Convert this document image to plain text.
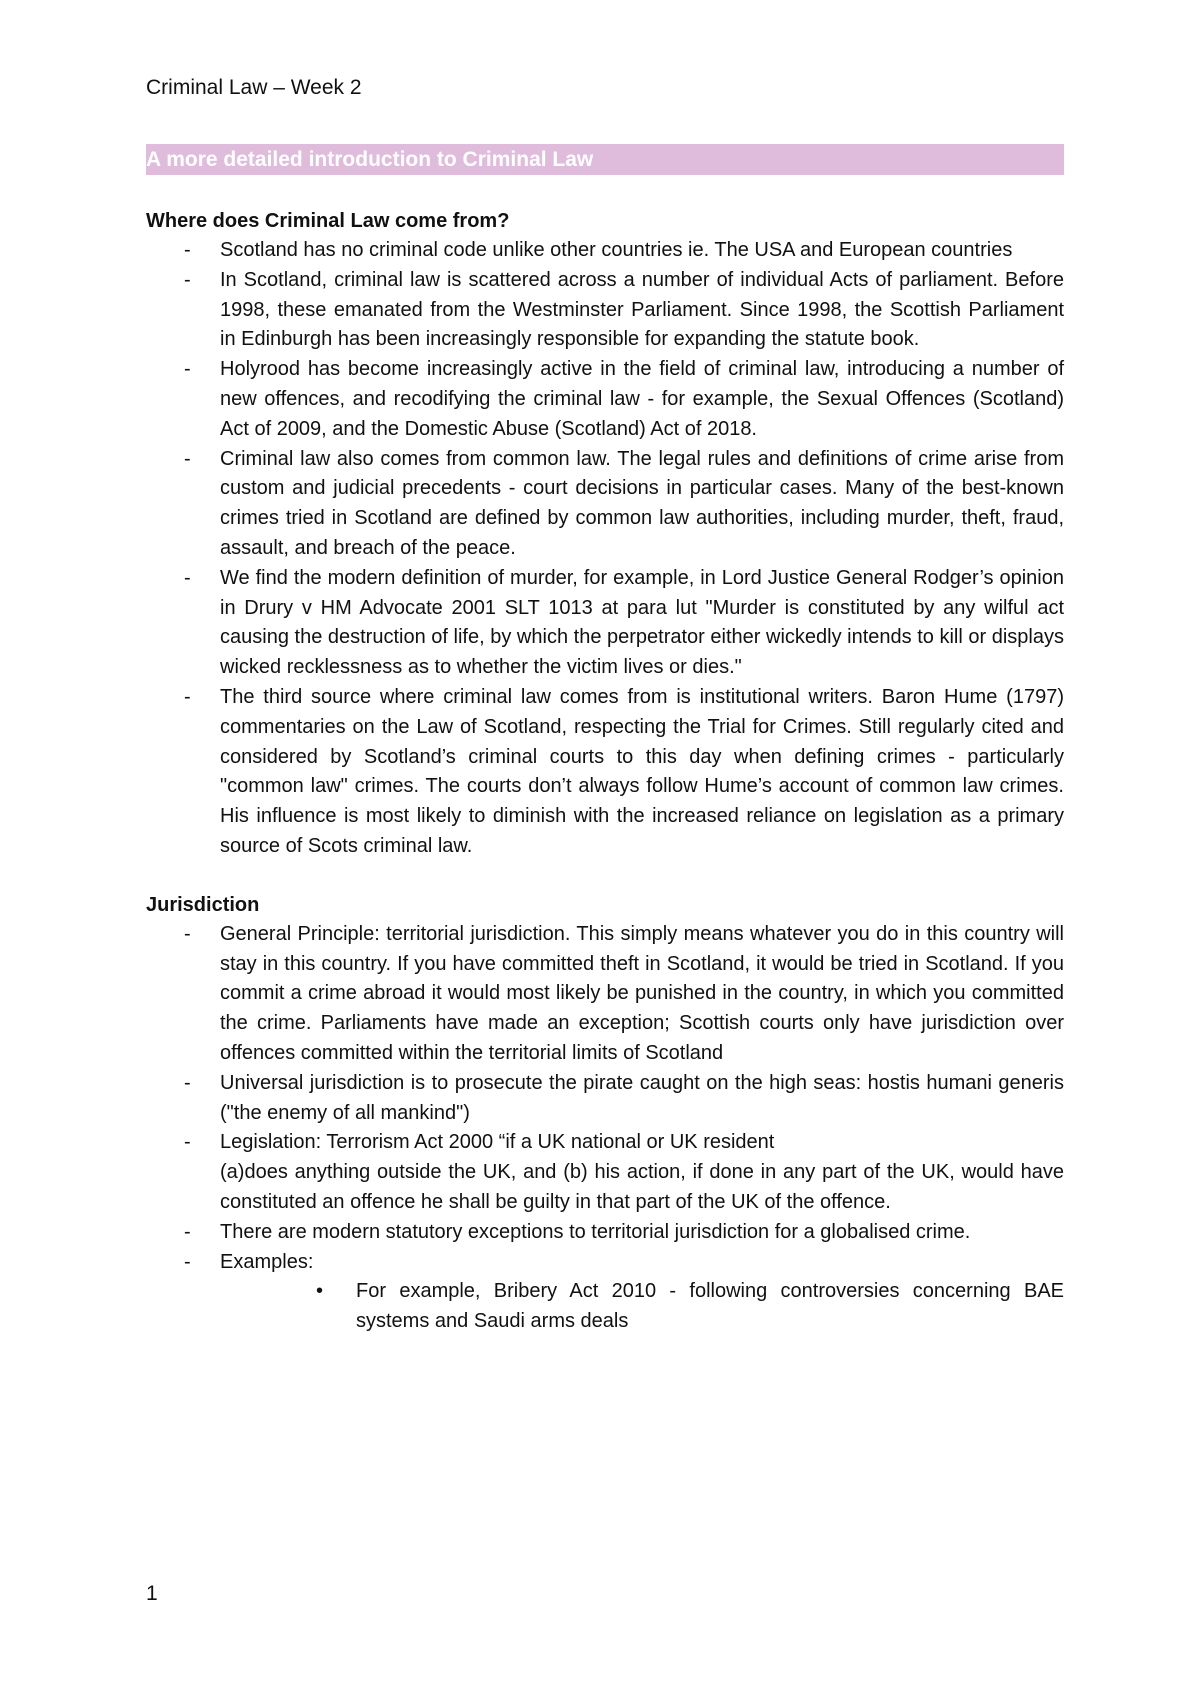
Criminal Law – Week 2
A more detailed introduction to Criminal Law
Where does Criminal Law come from?
- Scotland has no criminal code unlike other countries ie. The USA and European countries
- In Scotland, criminal law is scattered across a number of individual Acts of parliament. Before 1998, these emanated from the Westminster Parliament. Since 1998, the Scottish Parliament in Edinburgh has been increasingly responsible for expanding the statute book.
- Holyrood has become increasingly active in the field of criminal law, introducing a number of new offences, and recodifying the criminal law - for example, the Sexual Offences (Scotland) Act of 2009, and the Domestic Abuse (Scotland) Act of 2018.
- Criminal law also comes from common law. The legal rules and definitions of crime arise from custom and judicial precedents - court decisions in particular cases. Many of the best-known crimes tried in Scotland are defined by common law authorities, including murder, theft, fraud, assault, and breach of the peace.
- We find the modern definition of murder, for example, in Lord Justice General Rodger’s opinion in Drury v HM Advocate 2001 SLT 1013 at para lut "Murder is constituted by any wilful act causing the destruction of life, by which the perpetrator either wickedly intends to kill or displays wicked recklessness as to whether the victim lives or dies."
- The third source where criminal law comes from is institutional writers. Baron Hume (1797) commentaries on the Law of Scotland, respecting the Trial for Crimes. Still regularly cited and considered by Scotland’s criminal courts to this day when defining crimes - particularly "common law" crimes. The courts don’t always follow Hume’s account of common law crimes. His influence is most likely to diminish with the increased reliance on legislation as a primary source of Scots criminal law.
Jurisdiction
- General Principle: territorial jurisdiction. This simply means whatever you do in this country will stay in this country. If you have committed theft in Scotland, it would be tried in Scotland. If you commit a crime abroad it would most likely be punished in the country, in which you committed the crime. Parliaments have made an exception; Scottish courts only have jurisdiction over offences committed within the territorial limits of Scotland
- Universal jurisdiction is to prosecute the pirate caught on the high seas: hostis humani generis ("the enemy of all mankind")
- Legislation: Terrorism Act 2000 “if a UK national or UK resident
(a)does anything outside the UK, and (b) his action, if done in any part of the UK, would have constituted an offence he shall be guilty in that part of the UK of the offence.
- There are modern statutory exceptions to territorial jurisdiction for a globalised crime.
- Examples:
• For example, Bribery Act 2010 - following controversies concerning BAE systems and Saudi arms deals
1
